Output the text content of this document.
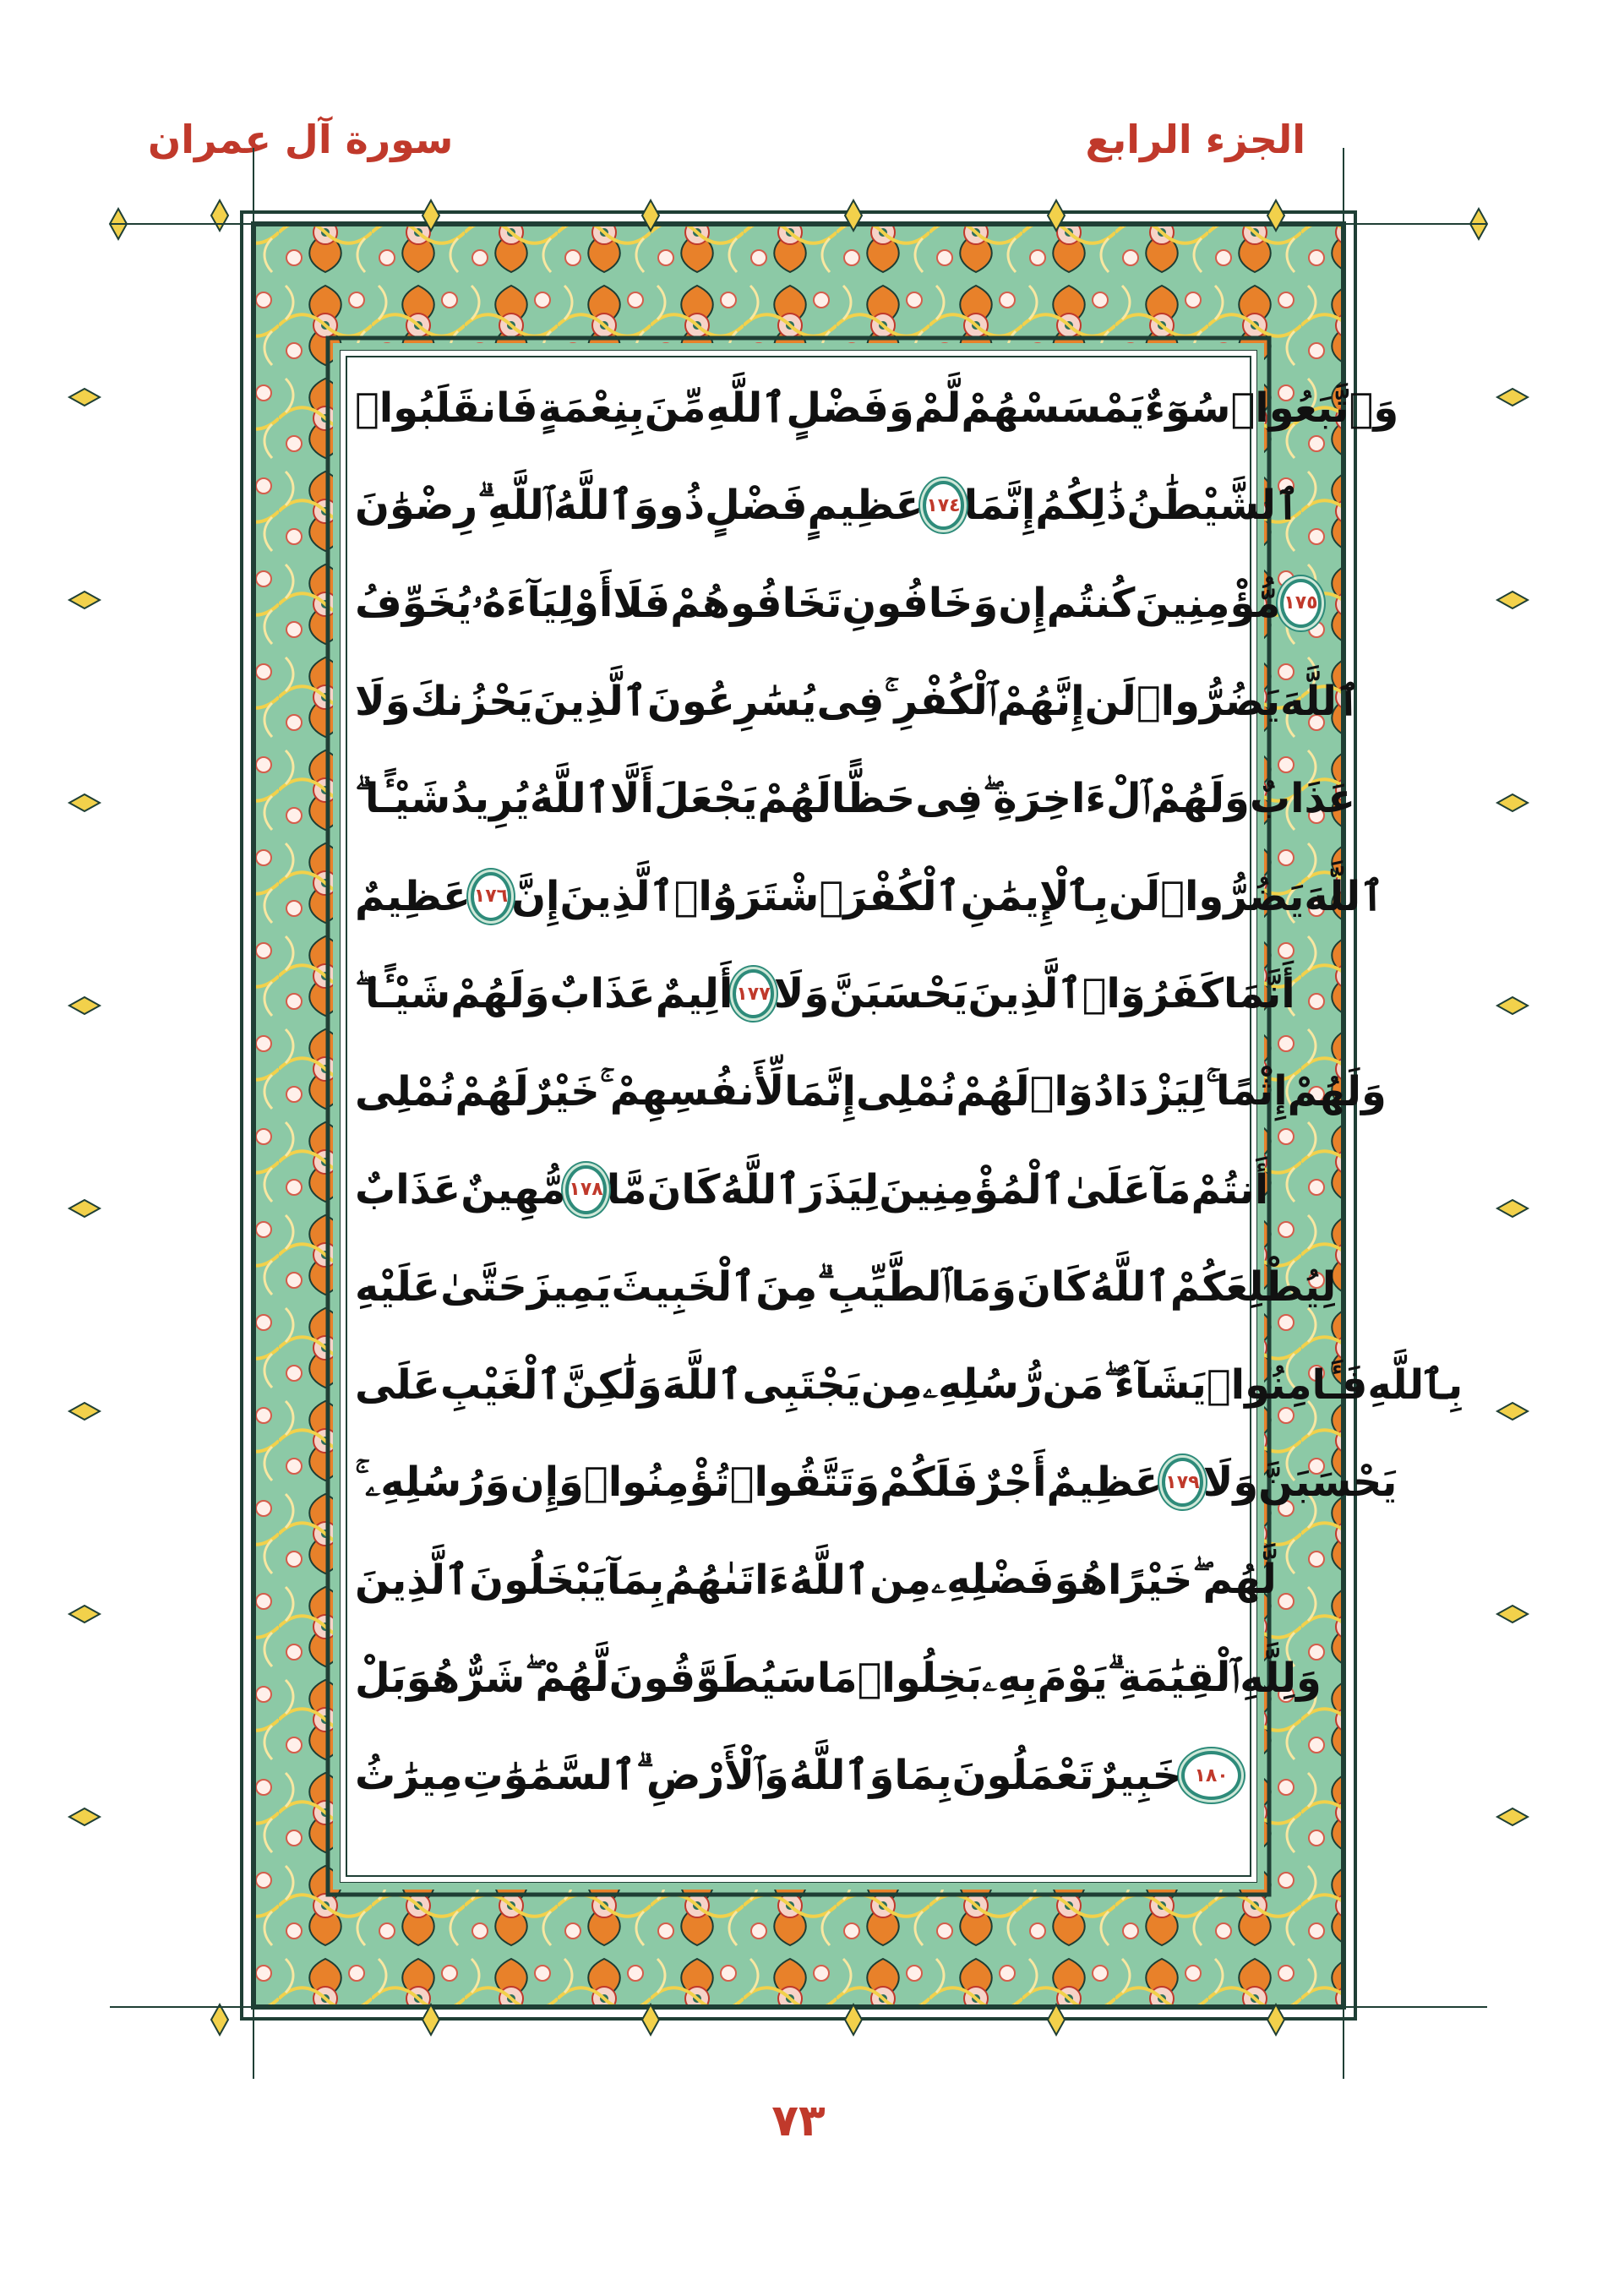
الجزء الرابع
سورة آل عمران
فَانقَلَبُوا۟ بِنِعْمَةٍ مِّنَ ٱللَّهِ وَفَضْلٍ لَّمْ يَمْسَسْهُمْ سُوٓءٌ وَٱتَّبَعُوا۟
رِضْوَٰنَ ٱللَّهِ ۗ وَٱللَّهُ ذُو فَضْلٍ عَظِيمٍ ١٧٤ إِنَّمَا ذَٰلِكُمُ ٱلشَّيْطَٰنُ
يُخَوِّفُ أَوْلِيَآءَهُۥ فَلَا تَخَافُوهُمْ وَخَافُونِ إِن كُنتُم مُّؤْمِنِينَ ١٧٥
وَلَا يَحْزُنكَ ٱلَّذِينَ يُسَٰرِعُونَ فِى ٱلْكُفْرِ ۚ إِنَّهُمْ لَن يَضُرُّوا۟ ٱللَّهَ
شَيْـًٔا ۗ يُرِيدُ ٱللَّهُ أَلَّا يَجْعَلَ لَهُمْ حَظًّا فِى ٱلْءَاخِرَةِ ۖ وَلَهُمْ عَذَابٌ
عَظِيمٌ ١٧٦ إِنَّ ٱلَّذِينَ ٱشْتَرَوُا۟ ٱلْكُفْرَ بِٱلْإِيمَٰنِ لَن يَضُرُّوا۟ ٱللَّهَ
شَيْـًٔا ۖ وَلَهُمْ عَذَابٌ أَلِيمٌ ١٧٧ وَلَا يَحْسَبَنَّ ٱلَّذِينَ كَفَرُوٓا۟ أَنَّمَا
نُمْلِى لَهُمْ خَيْرٌ لِّأَنفُسِهِمْ ۚ إِنَّمَا نُمْلِى لَهُمْ لِيَزْدَادُوٓا۟ إِثْمًا ۚ وَلَهُمْ
عَذَابٌ مُّهِينٌ ١٧٨ مَّا كَانَ ٱللَّهُ لِيَذَرَ ٱلْمُؤْمِنِينَ عَلَىٰ مَآ أَنتُمْ
عَلَيْهِ حَتَّىٰ يَمِيزَ ٱلْخَبِيثَ مِنَ ٱلطَّيِّبِ ۗ وَمَا كَانَ ٱللَّهُ لِيُطْلِعَكُمْ
عَلَى ٱلْغَيْبِ وَلَٰكِنَّ ٱللَّهَ يَجْتَبِى مِن رُّسُلِهِۦ مَن يَشَآءُ ۖ فَـَٔامِنُوا۟ بِٱللَّهِ
وَرُسُلِهِۦ ۚ وَإِن تُؤْمِنُوا۟ وَتَتَّقُوا۟ فَلَكُمْ أَجْرٌ عَظِيمٌ ١٧٩ وَلَا يَحْسَبَنَّ
ٱلَّذِينَ يَبْخَلُونَ بِمَآ ءَاتَىٰهُمُ ٱللَّهُ مِن فَضْلِهِۦ هُوَ خَيْرًا لَّهُم ۖ
بَلْ هُوَ شَرٌّ لَّهُمْ ۖ سَيُطَوَّقُونَ مَا بَخِلُوا۟ بِهِۦ يَوْمَ ٱلْقِيَٰمَةِ ۗ وَلِلَّهِ
مِيرَٰثُ ٱلسَّمَٰوَٰتِ وَٱلْأَرْضِ ۗ وَٱللَّهُ بِمَا تَعْمَلُونَ خَبِيرٌ ١٨٠
٧٣
